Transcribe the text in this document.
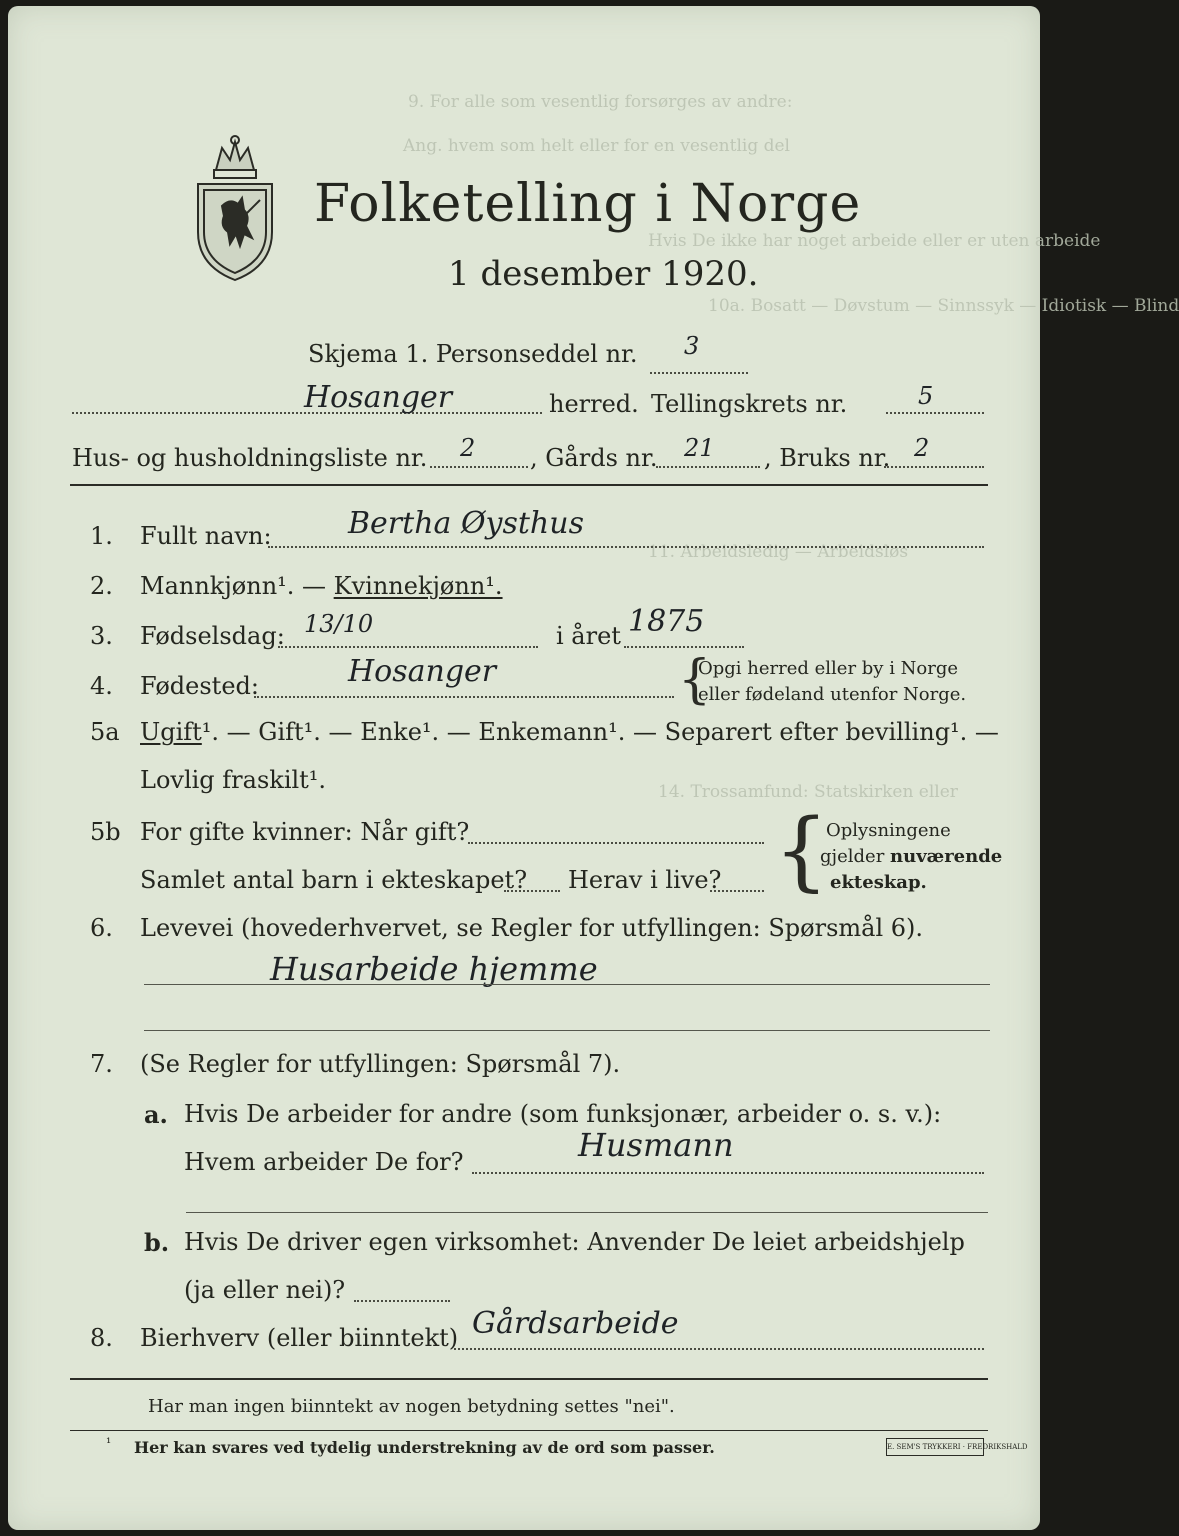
9. For alle som vesentlig forsørges av andre:
Ang. hvem som helt eller for en vesentlig del
Hvis De ikke har noget arbeide eller er uten arbeide
10a. Bosatt — Døvstum — Sinnssyk — Idiotisk — Blind
11. Arbeidsledig — Arbeidsløs
14. Trossamfund: Statskirken eller
Folketelling i Norge
1 desember 1920.
Skjema 1. Personseddel nr. 3
Hosanger	herred. Tellingskrets nr.	5
Hus- og husholdningsliste nr. 2 , Gårds nr. 21 , Bruks nr. 2
1. Fullt navn:	Bertha Øysthus
2. Mannkjønn¹. — Kvinnekjønn¹.
3. Fødselsdag: 13/10	i året 1875
4. Fødested:	Hosanger	{
Opgi herred eller by i Norge
eller fødeland utenfor Norge.
5a Ugift¹. — Gift¹. — Enke¹. — Enkemann¹. — Separert efter bevilling¹. —
Lovlig fraskilt¹.
5b For gifte kvinner: Når gift?
Samlet antal barn i ekteskapet? Herav i live? {
Oplysningene
gjelder nuværende
ekteskap.
6. Levevei (hovederhvervet, se Regler for utfyllingen: Spørsmål 6).
Husarbeide hjemme
7. (Se Regler for utfyllingen: Spørsmål 7).
a. Hvis De arbeider for andre (som funksjonær, arbeider o. s. v.):
Hvem arbeider De for?	Husmann
b. Hvis De driver egen virksomhet: Anvender De leiet arbeidshjelp
(ja eller nei)?
8. Bierhverv (eller biinntekt) Gårdsarbeide
Har man ingen biinntekt av nogen betydning settes "nei".
¹ Her kan svares ved tydelig understrekning av de ord som passer.	E. SEM'S TRYKKERI · FREDRIKSHALD
